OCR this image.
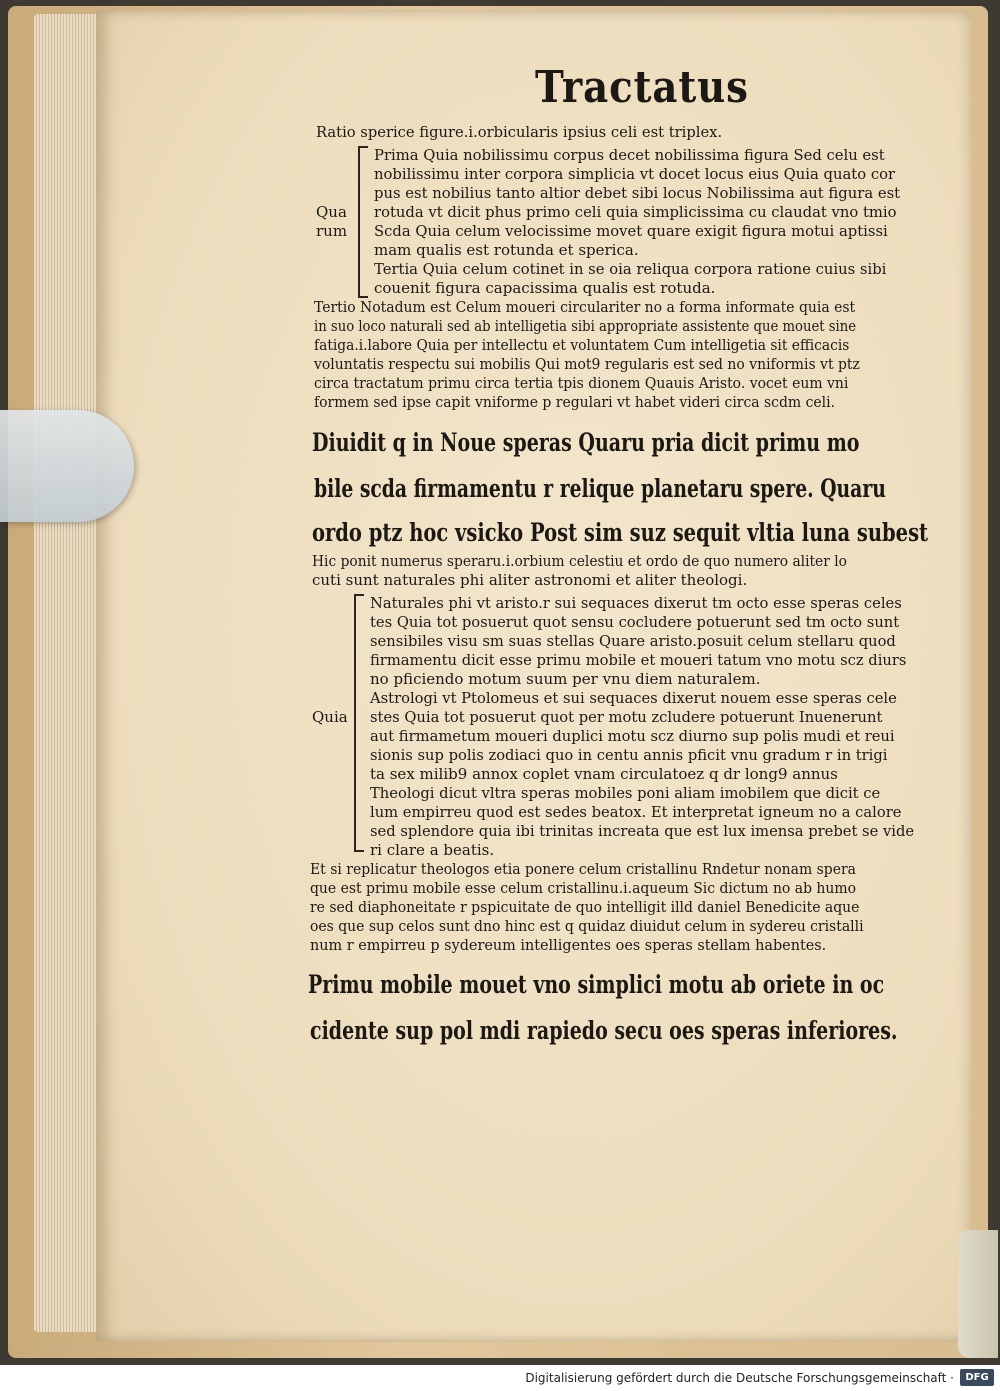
Tractatus
Ratio sperice figure.i.orbicularis ipsius celi est triplex.
Prima Quia nobilissimu corpus decet nobilissima figura Sed celu est
nobilissimu inter corpora simplicia vt docet locus eius Quia quato cor
pus est nobilius tanto altior debet sibi locus Nobilissima aut figura est
Qua rotuda vt dicit phus primo celi quia simplicissima cu claudat vno tmio
rum Scda Quia celum velocissime movet quare exigit figura motui aptissi
mam qualis est rotunda et sperica.
Tertia Quia celum cotinet in se oia reliqua corpora ratione cuius sibi
couenit figura capacissima qualis est rotuda.
Tertio Notadum est Celum moueri circulariter no a forma informate quia est
in suo loco naturali sed ab intelligetia sibi appropriate assistente que mouet sine
fatiga.i.labore Quia per intellectu et voluntatem Cum intelligetia sit efficacis
voluntatis respectu sui mobilis Qui mot9 regularis est sed no vniformis vt ptz
circa tractatum primu circa tertia tpis dionem Quauis Aristo. vocet eum vni
formem sed ipse capit vniforme p regulari vt habet videri circa scdm celi.
Diuidit q in Noue speras Quaru pria dicit primu mo
bile scda firmamentu r relique planetaru spere. Quaru
ordo ptz hoc vsicko Post sim suz sequit vltia luna subest
Hic ponit numerus speraru.i.orbium celestiu et ordo de quo numero aliter lo
cuti sunt naturales phi aliter astronomi et aliter theologi.
Naturales phi vt aristo.r sui sequaces dixerut tm octo esse speras celes
tes Quia tot posuerut quot sensu cocludere potuerunt sed tm octo sunt
sensibiles visu sm suas stellas Quare aristo.posuit celum stellaru quod
firmamentu dicit esse primu mobile et moueri tatum vno motu scz diurs
no pficiendo motum suum per vnu diem naturalem.
Astrologi vt Ptolomeus et sui sequaces dixerut nouem esse speras cele
Quia stes Quia tot posuerut quot per motu zcludere potuerunt Inuenerunt
aut firmametum moueri duplici motu scz diurno sup polis mudi et reui
sionis sup polis zodiaci quo in centu annis pficit vnu gradum r in trigi
ta sex milib9 annox coplet vnam circulatoez q dr long9 annus
Theologi dicut vltra speras mobiles poni aliam imobilem que dicit ce
lum empirreu quod est sedes beatox. Et interpretat igneum no a calore
sed splendore quia ibi trinitas increata que est lux imensa prebet se vide
ri clare a beatis.
Et si replicatur theologos etia ponere celum cristallinu Rndetur nonam spera
que est primu mobile esse celum cristallinu.i.aqueum Sic dictum no ab humo
re sed diaphoneitate r pspicuitate de quo intelligit illd daniel Benedicite aque
oes que sup celos sunt dno hinc est q quidaz diuidut celum in sydereu cristalli
num r empirreu p sydereum intelligentes oes speras stellam habentes.
Primu mobile mouet vno simplici motu ab oriete in oc
cidente sup pol mdi rapiedo secu oes speras inferiores.
Digitalisierung gefördert durch die Deutsche Forschungsgemeinschaft ·	DFG
